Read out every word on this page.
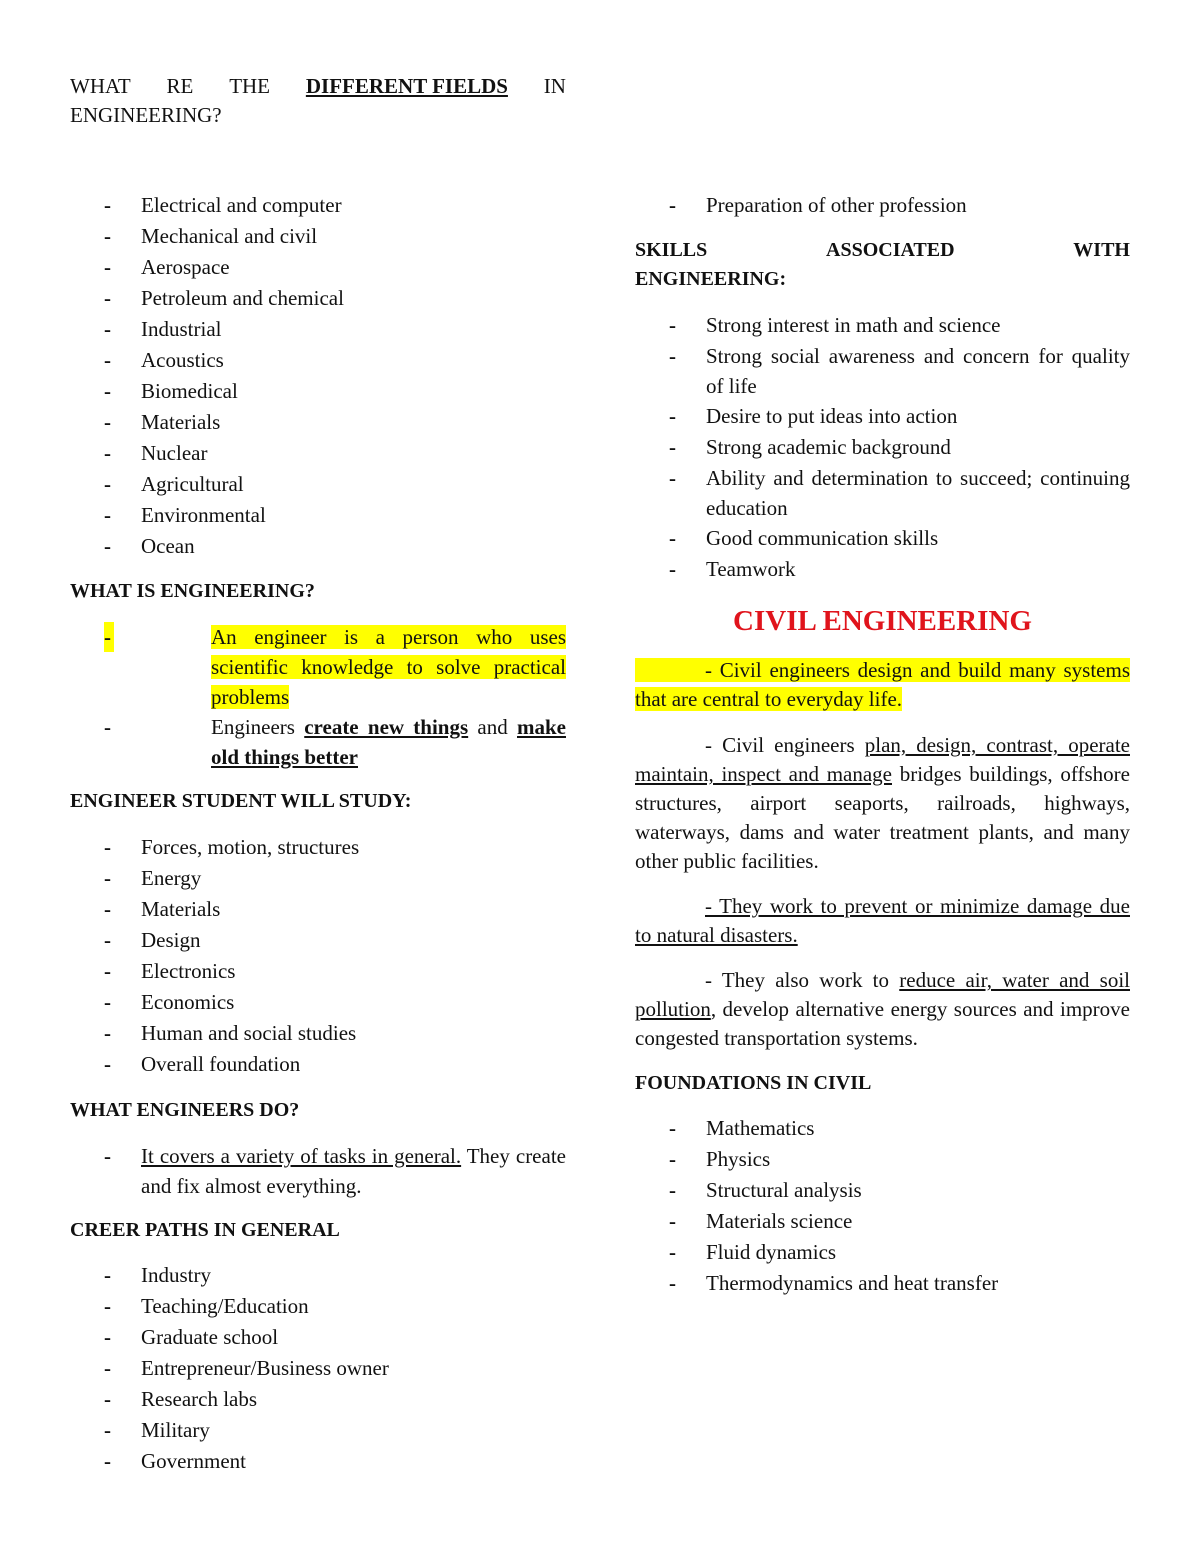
WHAT RE THE DIFFERENT FIELDS IN
ENGINEERING?
- Electrical and computer
- Mechanical and civil
- Aerospace
- Petroleum and chemical
- Industrial
- Acoustics
- Biomedical
- Materials
- Nuclear
- Agricultural
- Environmental
- Ocean
WHAT IS ENGINEERING?
- An engineer is a person who uses scientific knowledge to solve practical problems
- Engineers create new things and make old things better
ENGINEER STUDENT WILL STUDY:
- Forces, motion, structures
- Energy
- Materials
- Design
- Electronics
- Economics
- Human and social studies
- Overall foundation
WHAT ENGINEERS DO?
- It covers a variety of tasks in general. They create and fix almost everything.
CREER PATHS IN GENERAL
- Industry
- Teaching/Education
- Graduate school
- Entrepreneur/Business owner
- Research labs
- Military
- Government
- Preparation of other profession
SKILLS	ASSOCIATED	WITH
ENGINEERING:
- Strong interest in math and science
- Strong social awareness and concern for quality of life
- Desire to put ideas into action
- Strong academic background
- Ability and determination to succeed; continuing education
- Good communication skills
- Teamwork
CIVIL ENGINEERING

- Civil engineers design and build many systems that are central to everyday life.

- Civil engineers plan, design, contrast, operate maintain, inspect and manage bridges buildings, offshore structures, airport seaports, railroads, highways, waterways, dams and water treatment plants, and many other public facilities.

- They work to prevent or minimize damage due to natural disasters.

- They also work to reduce air, water and soil pollution, develop alternative energy sources and improve congested transportation systems.

FOUNDATIONS IN CIVIL
- Mathematics
- Physics
- Structural analysis
- Materials science
- Fluid dynamics
- Thermodynamics and heat transfer
